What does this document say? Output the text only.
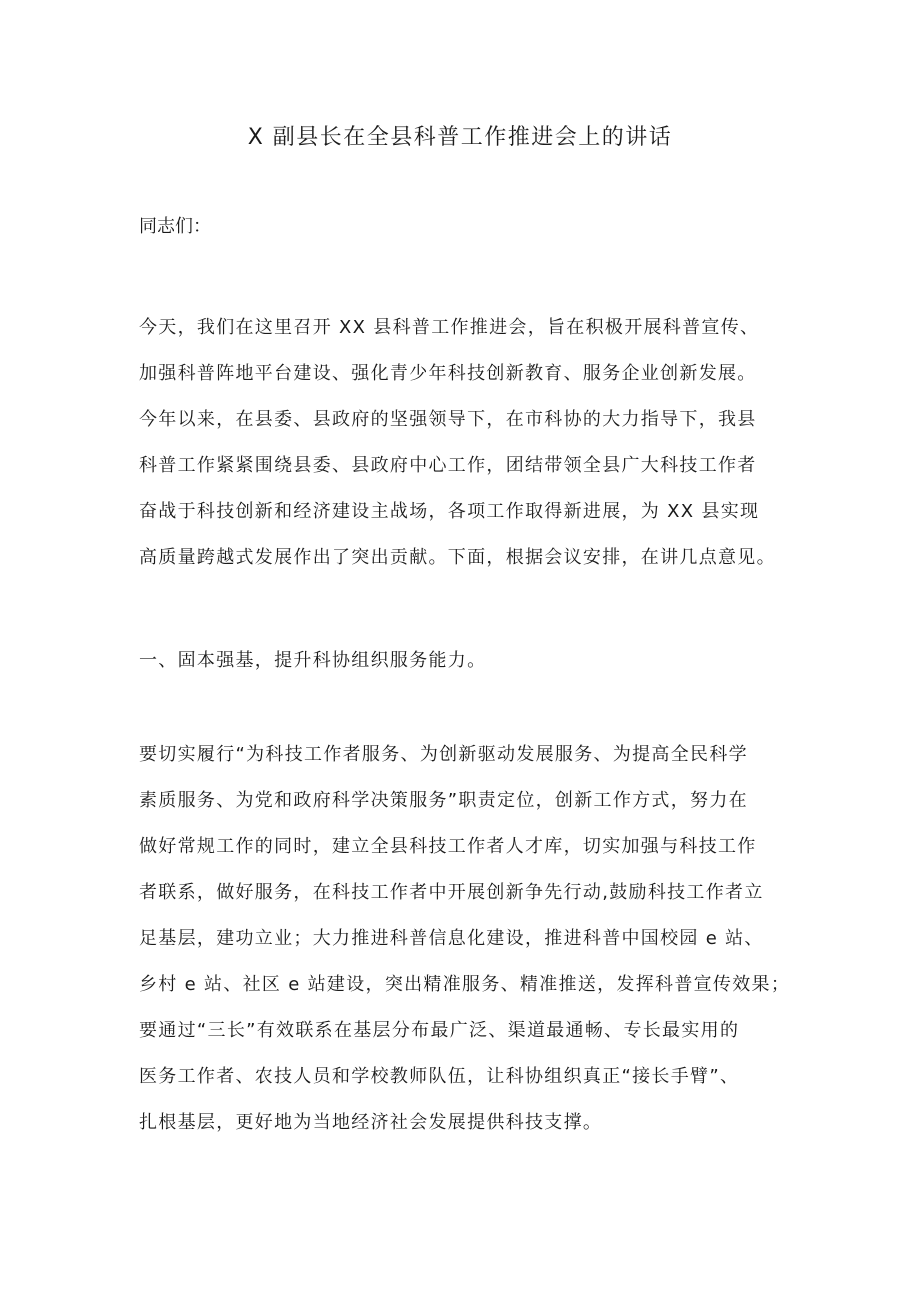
X 副县长在全县科普工作推进会上的讲话

同志们：

今天，我们在这里召开 XX 县科普工作推进会，旨在积极开展科普宣传、
加强科普阵地平台建设、强化青少年科技创新教育、服务企业创新发展。
今年以来，在县委、县政府的坚强领导下，在市科协的大力指导下，我县
科普工作紧紧围绕县委、县政府中心工作，团结带领全县广大科技工作者
奋战于科技创新和经济建设主战场，各项工作取得新进展，为 XX 县实现
高质量跨越式发展作出了突出贡献。下面，根据会议安排，在讲几点意见。
一、固本强基，提升科协组织服务能力。
要切实履行“为科技工作者服务、为创新驱动发展服务、为提高全民科学
素质服务、为党和政府科学决策服务”职责定位，创新工作方式，努力在
做好常规工作的同时，建立全县科技工作者人才库，切实加强与科技工作
者联系，做好服务，在科技工作者中开展创新争先行动,鼓励科技工作者立
足基层，建功立业；大力推进科普信息化建设，推进科普中国校园 e 站、
乡村 e 站、社区 e 站建设，突出精准服务、精准推送，发挥科普宣传效果；
要通过“三长”有效联系在基层分布最广泛、渠道最通畅、专长最实用的
医务工作者、农技人员和学校教师队伍，让科协组织真正“接长手臂”、
扎根基层，更好地为当地经济社会发展提供科技支撑。
